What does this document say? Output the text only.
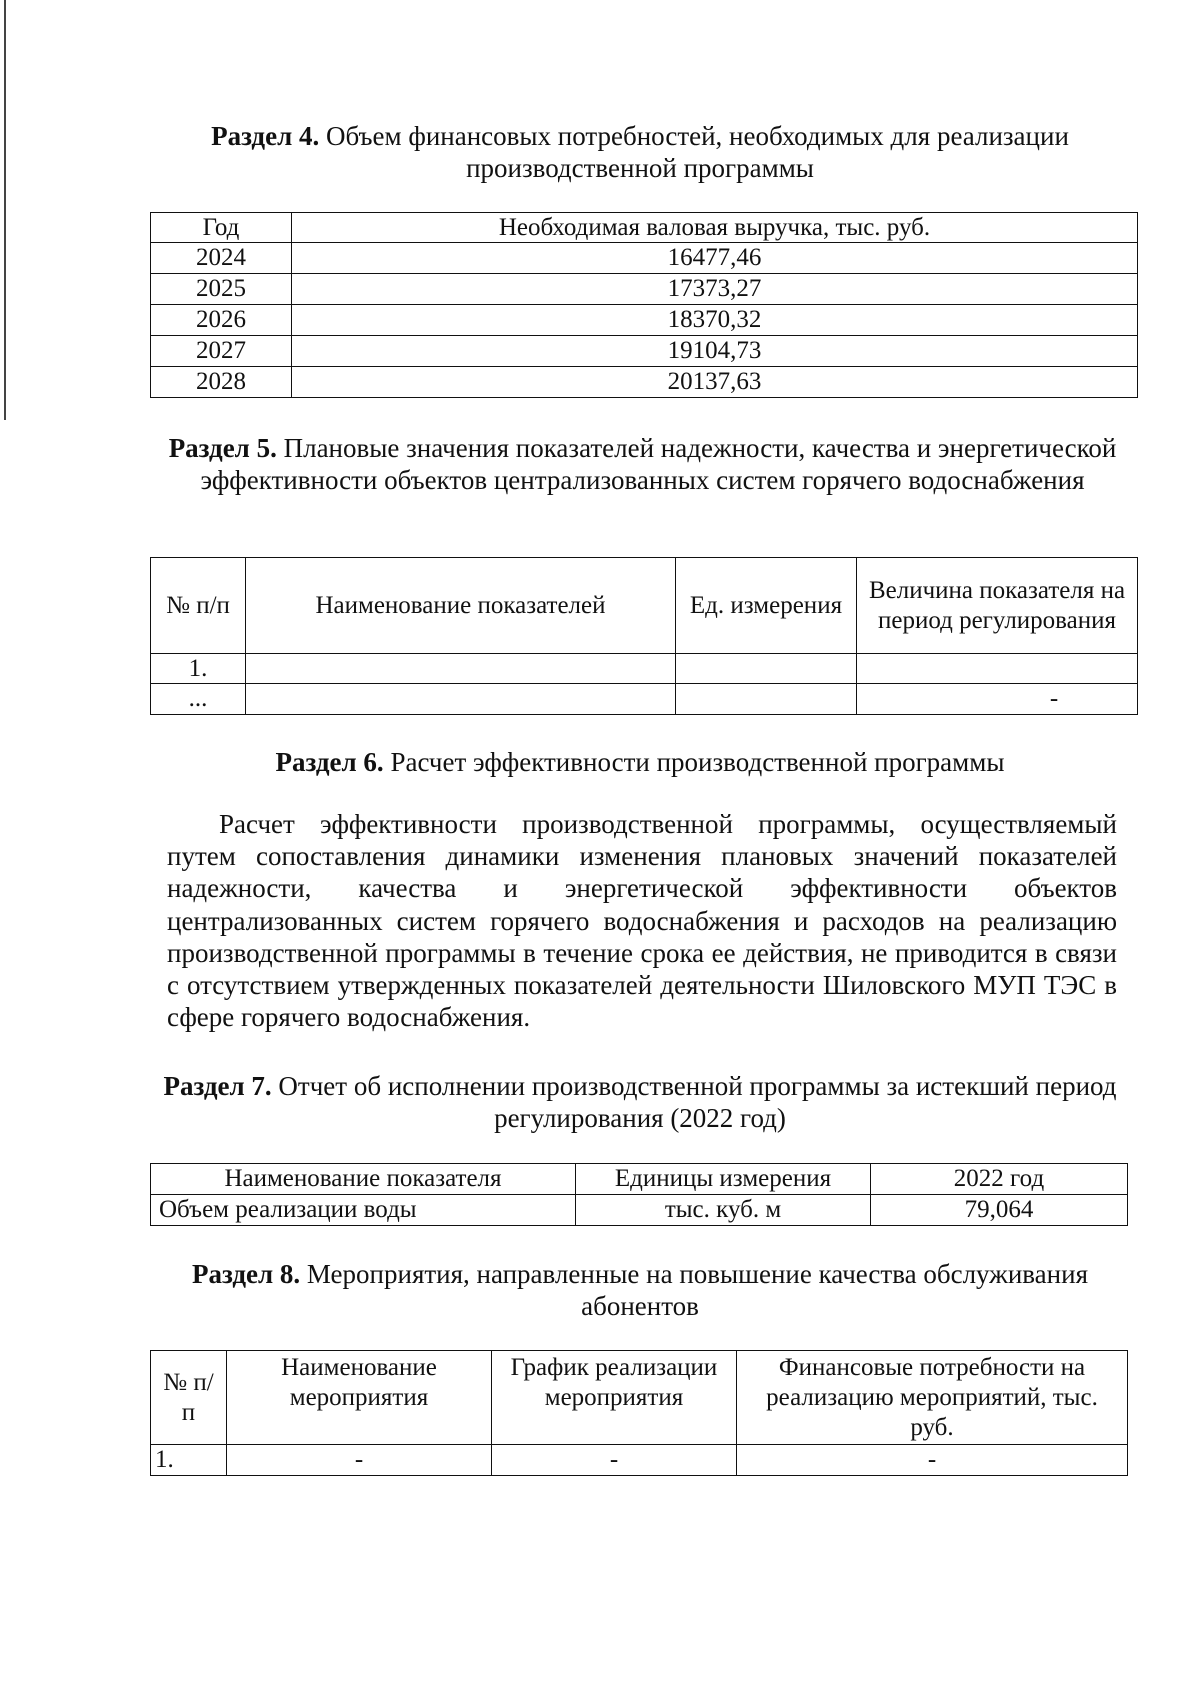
Раздел 4. Объем финансовых потребностей, необходимых для реализации производственной программы
Год	Необходимая валовая выручка, тыс. руб.
2024	16477,46
2025	17373,27
2026	18370,32
2027	19104,73
2028	20137,63
Раздел 5. Плановые значения показателей надежности, качества и энергетической эффективности объектов централизованных систем горячего водоснабжения
№ п/п	Наименование показателей	Ед. измерения	Величина показателя на период регулирования
1.			
...			-
Раздел 6. Расчет эффективности производственной программы
Расчет эффективности производственной программы, осуществляемый путем сопоставления динамики изменения плановых значений показателей надежности, качества и энергетической эффективности объектов централизованных систем горячего водоснабжения и расходов на реализацию производственной программы в течение срока ее действия, не приводится в связи с отсутствием утвержденных показателей деятельности Шиловского МУП ТЭС в сфере горячего водоснабжения.
Раздел 7. Отчет об исполнении производственной программы за истекший период регулирования (2022 год)
Наименование показателя	Единицы измерения	2022 год
Объем реализации воды	тыс. куб. м	79,064
Раздел 8. Мероприятия, направленные на повышение качества обслуживания абонентов
№ п/п	Наименование мероприятия	График реализации мероприятия	Финансовые потребности на реализацию мероприятий, тыс. руб.
1.	-	-	-
